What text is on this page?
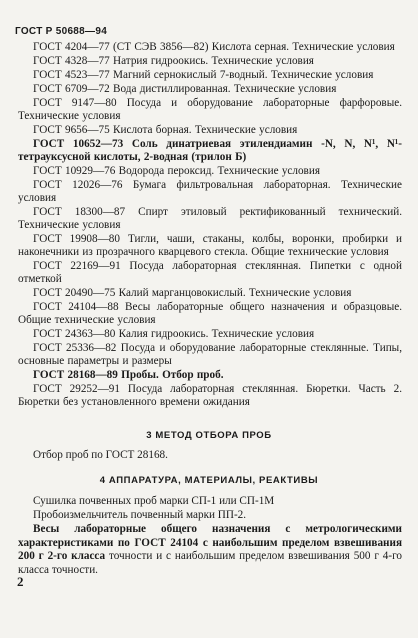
ГОСТ Р 50688—94

ГОСТ 4204—77 (СТ СЭВ 3856—82) Кислота серная. Технические условия

ГОСТ 4328—77 Натрия гидроокись. Технические условия

ГОСТ 4523—77 Магний сернокислый 7-водный. Технические условия

ГОСТ 6709—72 Вода дистиллированная. Технические условия

ГОСТ 9147—80 Посуда и оборудование лабораторные фарфоровые. Технические условия

ГОСТ 9656—75 Кислота борная. Технические условия

ГОСТ 10652—73 Соль динатриевая этилендиамин -N, N, N¹, N¹-тетрауксусной кислоты, 2-водная (трилон Б)

ГОСТ 10929—76 Водорода пероксид. Технические условия

ГОСТ 12026—76 Бумага фильтровальная лабораторная. Технические условия

ГОСТ 18300—87 Спирт этиловый ректификованный технический. Технические условия

ГОСТ 19908—80 Тигли, чаши, стаканы, колбы, воронки, пробирки и наконечники из прозрачного кварцевого стекла. Общие технические условия

ГОСТ 22169—91 Посуда лабораторная стеклянная. Пипетки с одной отметкой

ГОСТ 20490—75 Калий марганцовокислый. Технические условия

ГОСТ 24104—88 Весы лабораторные общего назначения и образцовые. Общие технические условия

ГОСТ 24363—80 Калия гидроокись. Технические условия

ГОСТ 25336—82 Посуда и оборудование лабораторные стеклянные. Типы, основные параметры и размеры

ГОСТ 28168—89 Пробы. Отбор проб.

ГОСТ 29252—91 Посуда лабораторная стеклянная. Бюретки. Часть 2. Бюретки без установленного времени ожидания

3 МЕТОД ОТБОРА ПРОБ
Отбор проб по ГОСТ 28168.
4 АППАРАТУРА, МАТЕРИАЛЫ, РЕАКТИВЫ
Сушилка почвенных проб марки СП-1 или СП-1М
Пробоизмельчитель почвенный марки ПП-2.
Весы лабораторные общего назначения с метрологическими характеристиками по ГОСТ 24104 с наибольшим пределом взвешивания 200 г 2-го класса точности и с наибольшим пределом взвешивания 500 г 4-го класса точности.
2
